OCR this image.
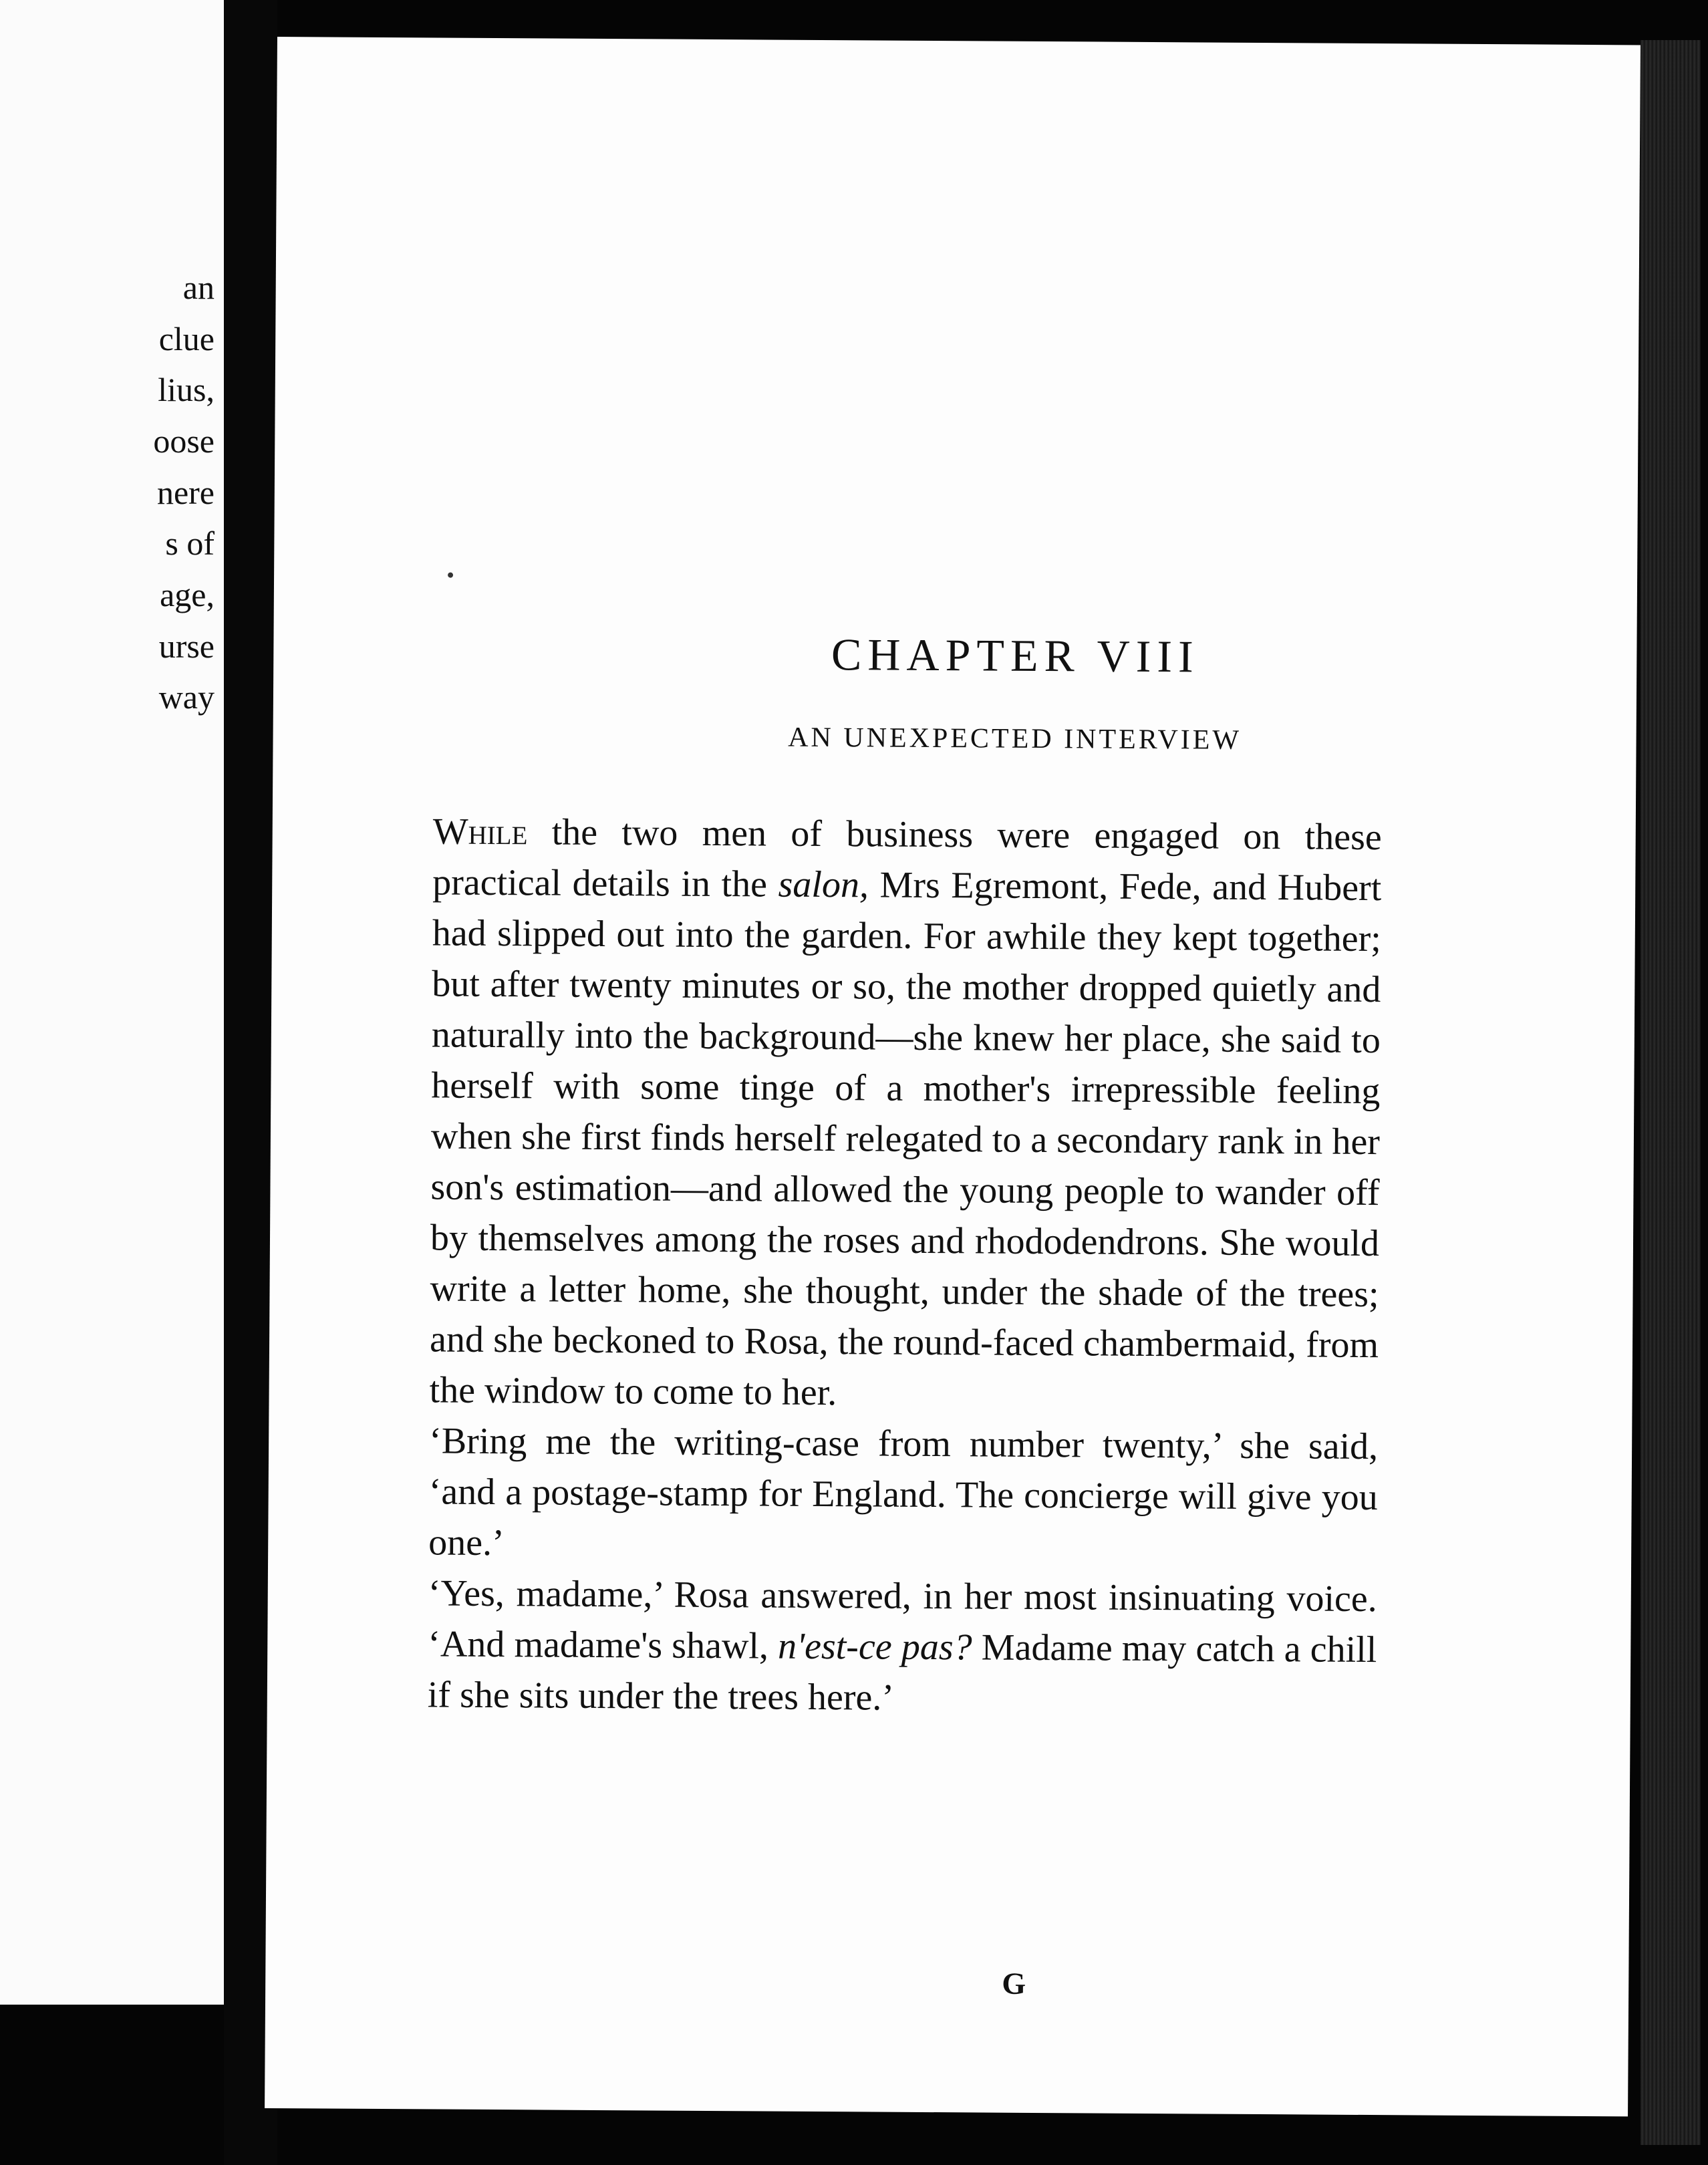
an
clue
lius,
oose
nere
s of
age,
urse
way
CHAPTER VIII
AN UNEXPECTED INTERVIEW

While the two men of business were engaged on these practical details in the salon, Mrs Egremont, Fede, and Hubert had slipped out into the garden. For awhile they kept together; but after twenty minutes or so, the mother dropped quietly and naturally into the background—she knew her place, she said to herself with some tinge of a mother's irrepressible feeling when she first finds herself relegated to a secondary rank in her son's estimation—and allowed the young people to wander off by themselves among the roses and rhododendrons. She would write a letter home, she thought, under the shade of the trees; and she beckoned to Rosa, the round-faced chambermaid, from the window to come to her.

‘Bring me the writing-case from number twenty,’ she said, ‘and a postage-stamp for England. The concierge will give you one.’

‘Yes, madame,’ Rosa answered, in her most insinuating voice. ‘And madame's shawl, n'est-ce pas? Madame may catch a chill if she sits under the trees here.’

G
